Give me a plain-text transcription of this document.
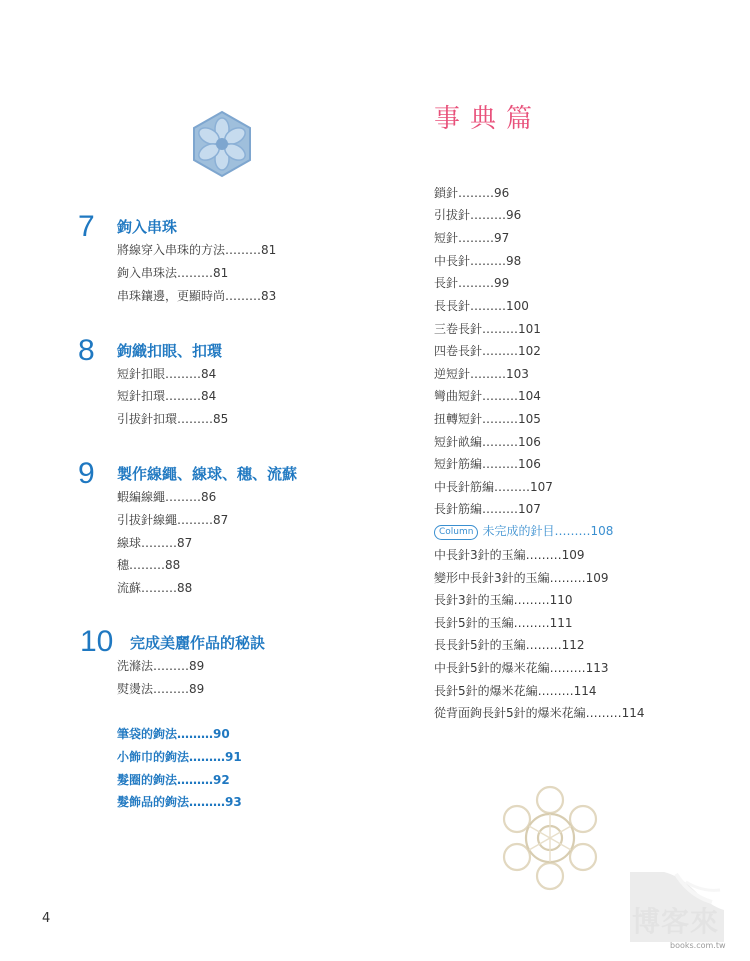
7 鉤入串珠
將線穿入串珠的方法………81
鉤入串珠法………81
串珠鑲邊，更顯時尚………83
8 鉤織扣眼、扣環
短針扣眼………84
短針扣環………84
引拔針扣環………85
9 製作線繩、線球、穗、流蘇
蝦編線繩………86
引拔針線繩………87
線球………87
穗………88
流蘇………88
10 完成美麗作品的秘訣
洗滌法………89
熨燙法………89
筆袋的鉤法………90
小飾巾的鉤法………91
髮圈的鉤法………92
髮飾品的鉤法………93
事典篇
鎖針………96
引拔針………96
短針………97
中長針………98
長針………99
長長針………100
三卷長針………101
四卷長針………102
逆短針………103
彎曲短針………104
扭轉短針………105
短針畝編………106
短針筋編………106
中長針筋編………107
長針筋編………107
Column 未完成的針目………108
中長針3針的玉編………109
變形中長針3針的玉編………109
長針3針的玉編………110
長針5針的玉編………111
長長針5針的玉編………112
中長針5針的爆米花編………113
長針5針的爆米花編………114
從背面鉤長針5針的爆米花編………114
4	博客來
books.com.tw
